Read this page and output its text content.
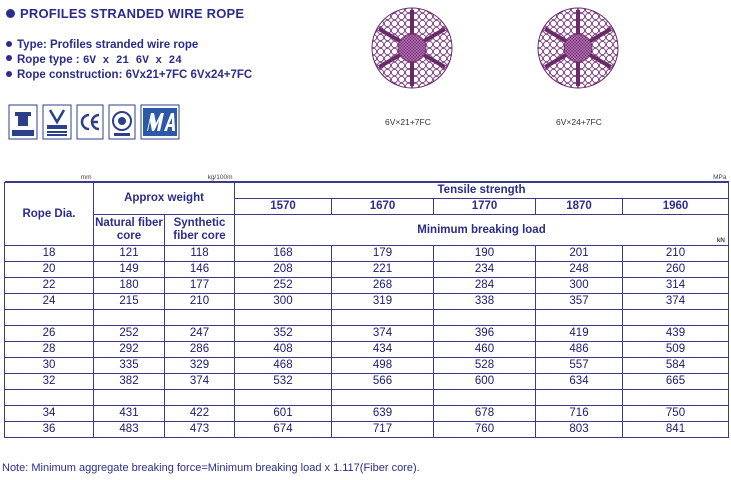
PROFILES STRANDED WIRE ROPE
Type: Profiles stranded wire rope
Rope type : 6V x 21 6V x 24
Rope construction: 6Vx21+7FC 6Vx24+7FC
6V×21+7FC	6V×24+7FC
mm	kg/100m		MPa				

Rope Dia.	Approx weight		Tensile strength				
			1570	1670	1770	1870	1960
	Natural fiber core	Synthetic fiber core	Minimum breaking load
kN				

18	121	118	168	179	190	201	210
20	149	146	208	221	234	248	260
22	180	177	252	268	284	300	314
24	215	210	300	319	338	357	374

26	252	247	352	374	396	419	439
28	292	286	408	434	460	486	509
30	335	329	468	498	528	557	584
32	382	374	532	566	600	634	665

34	431	422	601	639	678	716	750
36	483	473	674	717	760	803	841
Note: Minimum aggregate breaking force=Minimum breaking load x 1.117(Fiber core).
